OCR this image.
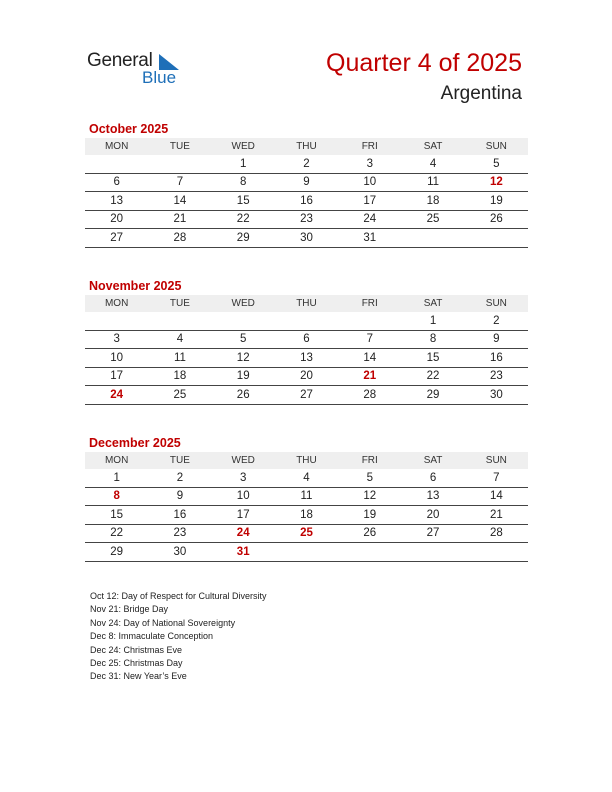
General
Blue
Quarter 4 of 2025
Argentina
October 2025
MON	TUE	WED	THU	FRI	SAT	SUN
		1	2	3	4	5
6	7	8	9	10	11	12
13	14	15	16	17	18	19
20	21	22	23	24	25	26
27	28	29	30	31		
November 2025
MON	TUE	WED	THU	FRI	SAT	SUN
					1	2
3	4	5	6	7	8	9
10	11	12	13	14	15	16
17	18	19	20	21	22	23
24	25	26	27	28	29	30
December 2025
MON	TUE	WED	THU	FRI	SAT	SUN
1	2	3	4	5	6	7
8	9	10	11	12	13	14
15	16	17	18	19	20	21
22	23	24	25	26	27	28
29	30	31				
Oct 12: Day of Respect for Cultural Diversity
Nov 21: Bridge Day
Nov 24: Day of National Sovereignty
Dec 8: Immaculate Conception
Dec 24: Christmas Eve
Dec 25: Christmas Day
Dec 31: New Year’s Eve
